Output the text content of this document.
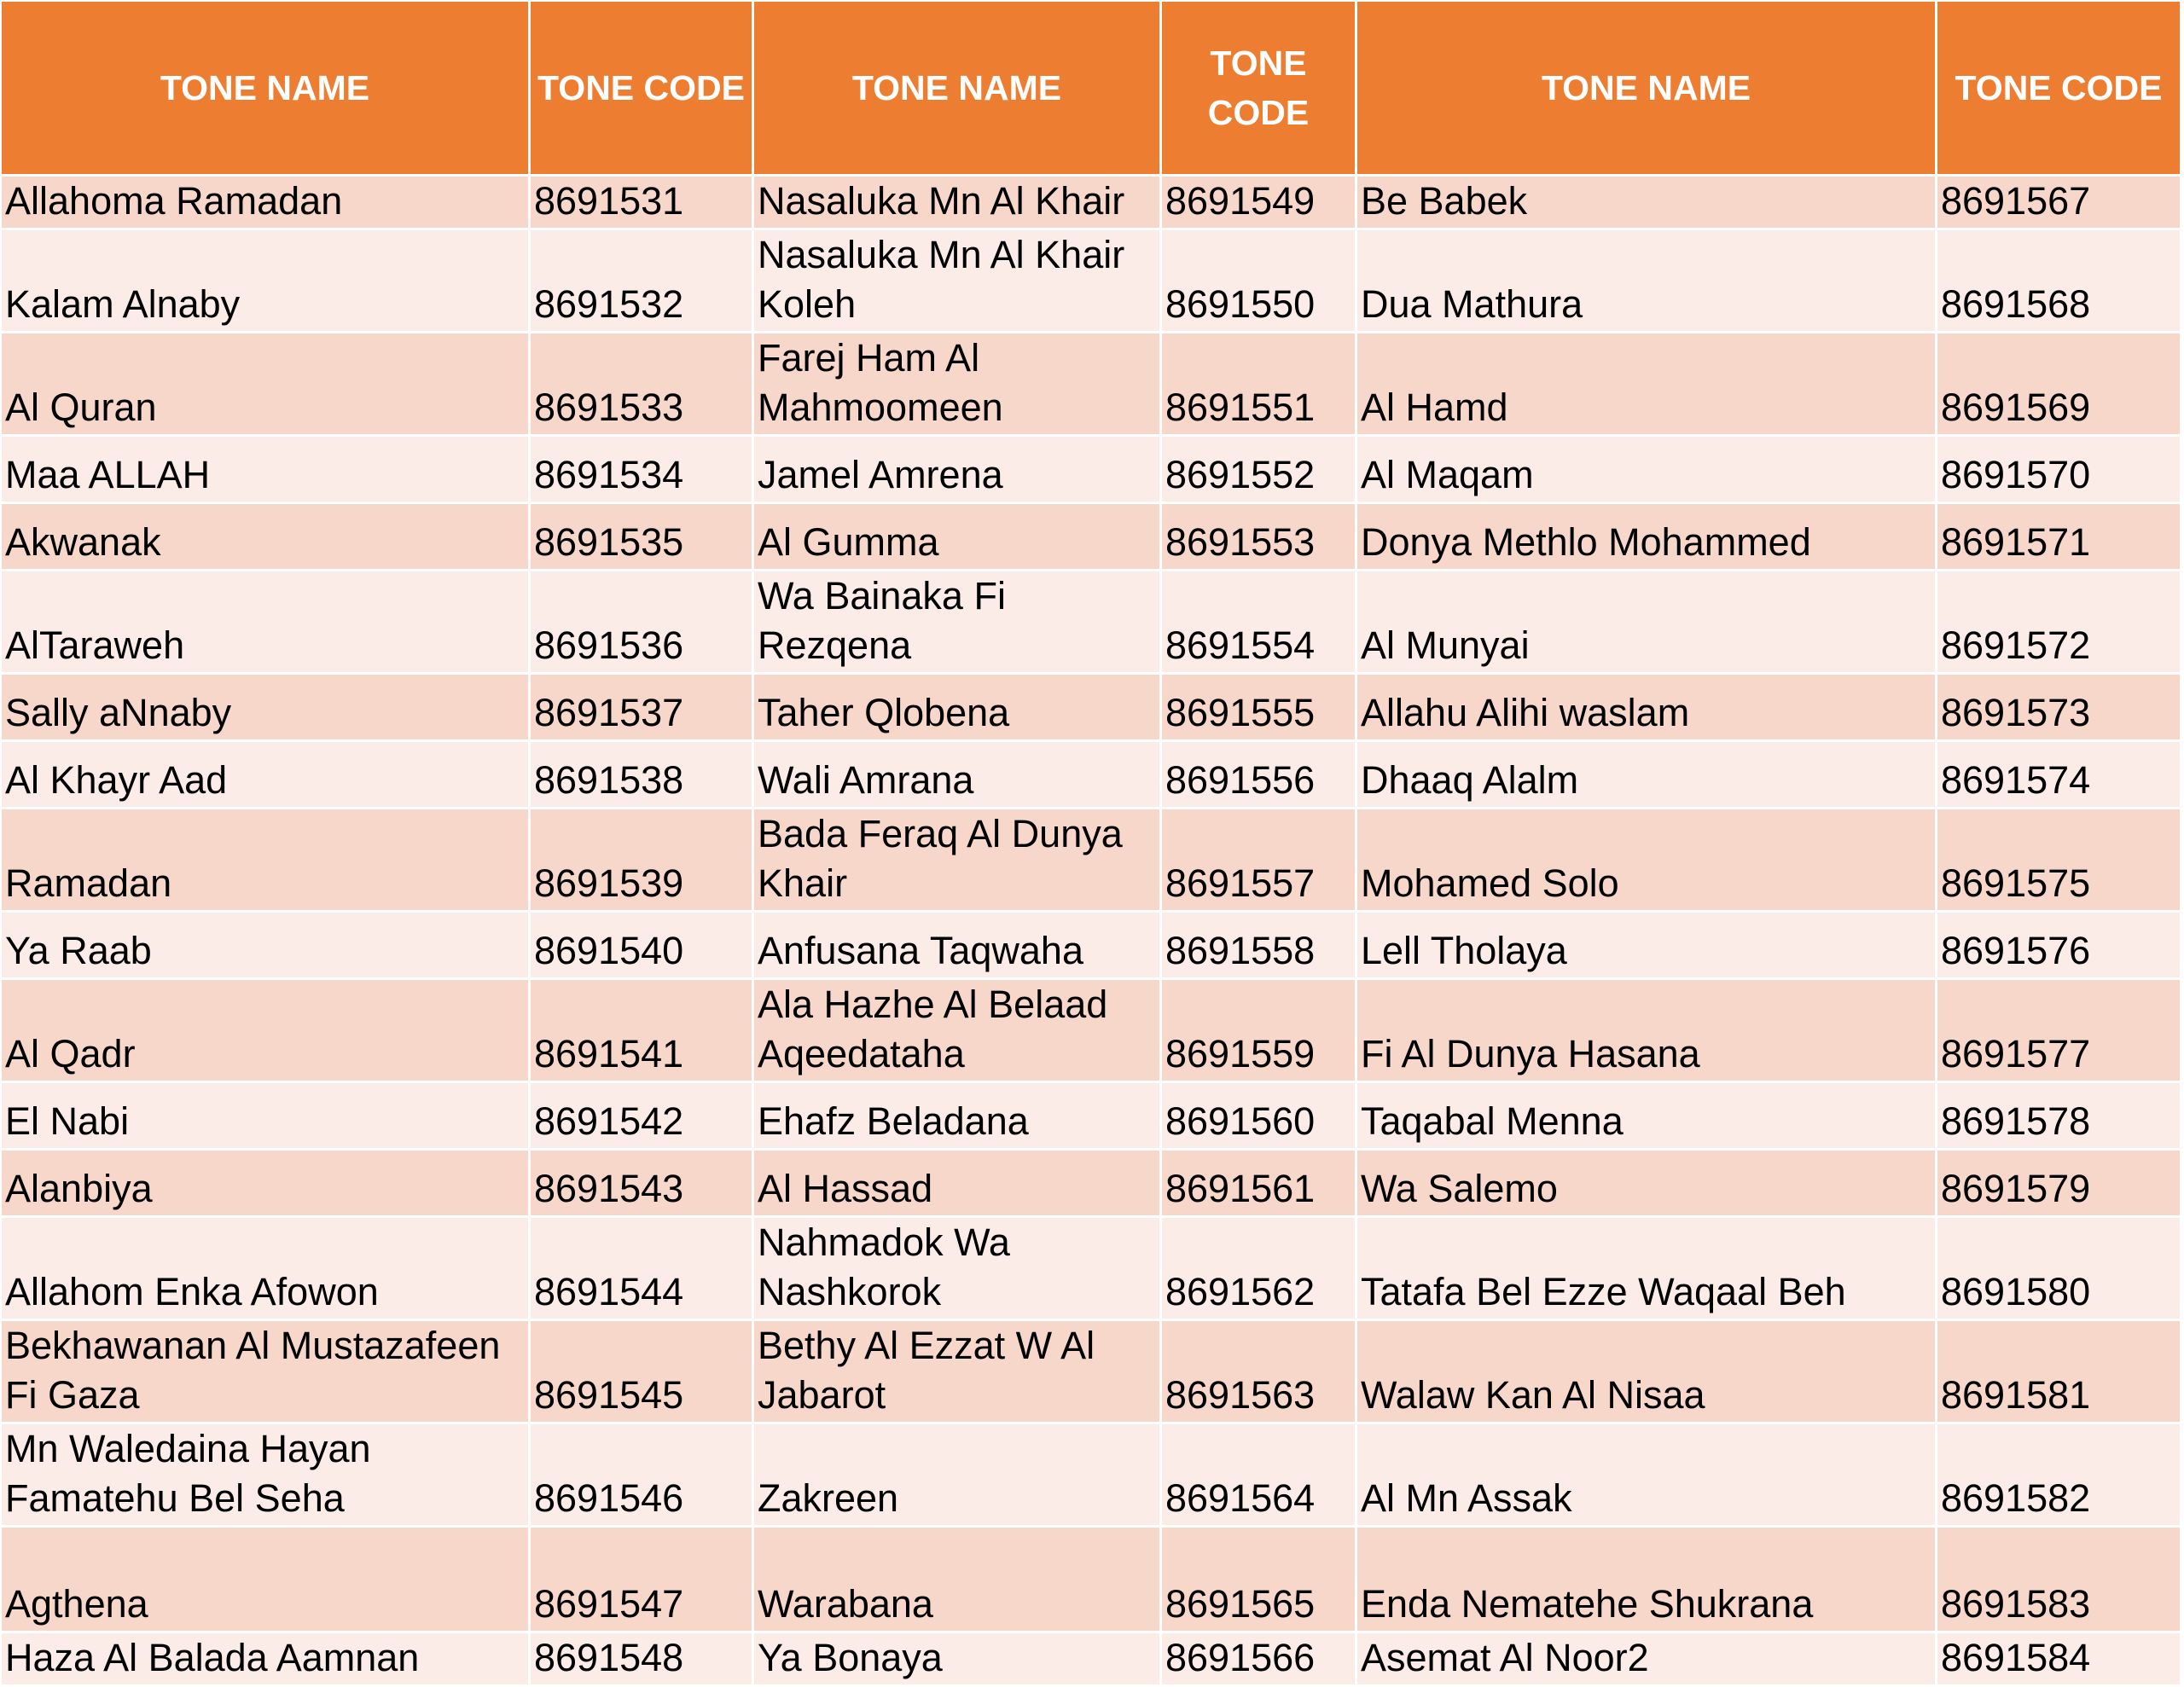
TONE NAME	TONE CODE	TONE NAME	TONE CODE	TONE NAME	TONE CODE
Allahoma Ramadan	8691531	Nasaluka Mn Al Khair	8691549	Be Babek	8691567
Kalam Alnaby	8691532	Nasaluka Mn Al Khair Koleh	8691550	Dua Mathura	8691568
Al Quran	8691533	Farej Ham Al Mahmoomeen	8691551	Al Hamd	8691569
Maa ALLAH	8691534	Jamel Amrena	8691552	Al Maqam	8691570
Akwanak	8691535	Al Gumma	8691553	Donya Methlo Mohammed	8691571
AlTaraweh	8691536	Wa Bainaka Fi Rezqena	8691554	Al Munyai	8691572
Sally aNnaby	8691537	Taher Qlobena	8691555	Allahu Alihi waslam	8691573
Al Khayr Aad	8691538	Wali Amrana	8691556	Dhaaq Alalm	8691574
Ramadan	8691539	Bada Feraq Al Dunya Khair	8691557	Mohamed Solo	8691575
Ya Raab	8691540	Anfusana Taqwaha	8691558	Lell Tholaya	8691576
Al Qadr	8691541	Ala Hazhe Al Belaad Aqeedataha	8691559	Fi Al Dunya Hasana	8691577
El Nabi	8691542	Ehafz Beladana	8691560	Taqabal Menna	8691578
Alanbiya	8691543	Al Hassad	8691561	Wa Salemo	8691579
Allahom Enka Afowon	8691544	Nahmadok Wa Nashkorok	8691562	Tatafa Bel Ezze Waqaal Beh	8691580
Bekhawanan Al Mustazafeen Fi Gaza	8691545	Bethy Al Ezzat W Al Jabarot	8691563	Walaw Kan Al Nisaa	8691581
Mn Waledaina Hayan Famatehu Bel Seha	8691546	Zakreen	8691564	Al Mn Assak	8691582
Agthena	8691547	Warabana	8691565	Enda Nematehe Shukrana	8691583
Haza Al Balada Aamnan	8691548	Ya Bonaya	8691566	Asemat Al Noor2	8691584
